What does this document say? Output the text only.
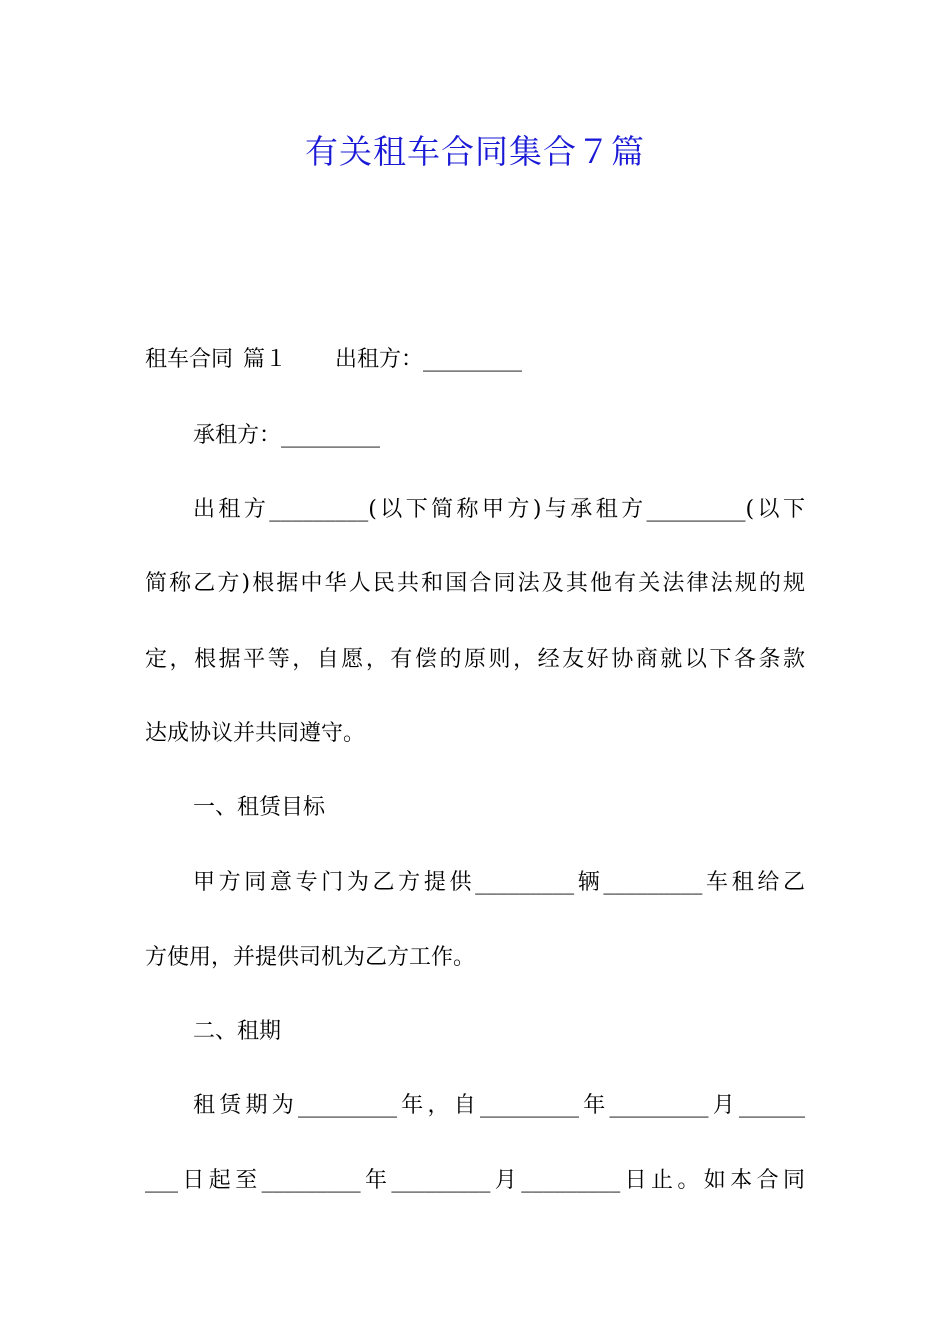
有关租车合同集合７篇
租车合同 篇１ 出租方：_________
承租方：_________
出租方_________(以下简称甲方)与承租方_________(以下
简称乙方)根据中华人民共和国合同法及其他有关法律法规的规
定，根据平等，自愿，有偿的原则，经友好协商就以下各条款
达成协议并共同遵守。
一、租赁目标
甲方同意专门为乙方提供_________辆_________车租给乙
方使用，并提供司机为乙方工作。
二、租期
租赁期为_________年，自_________年_________月______
___日起至_________年_________月_________日止。如本合同
